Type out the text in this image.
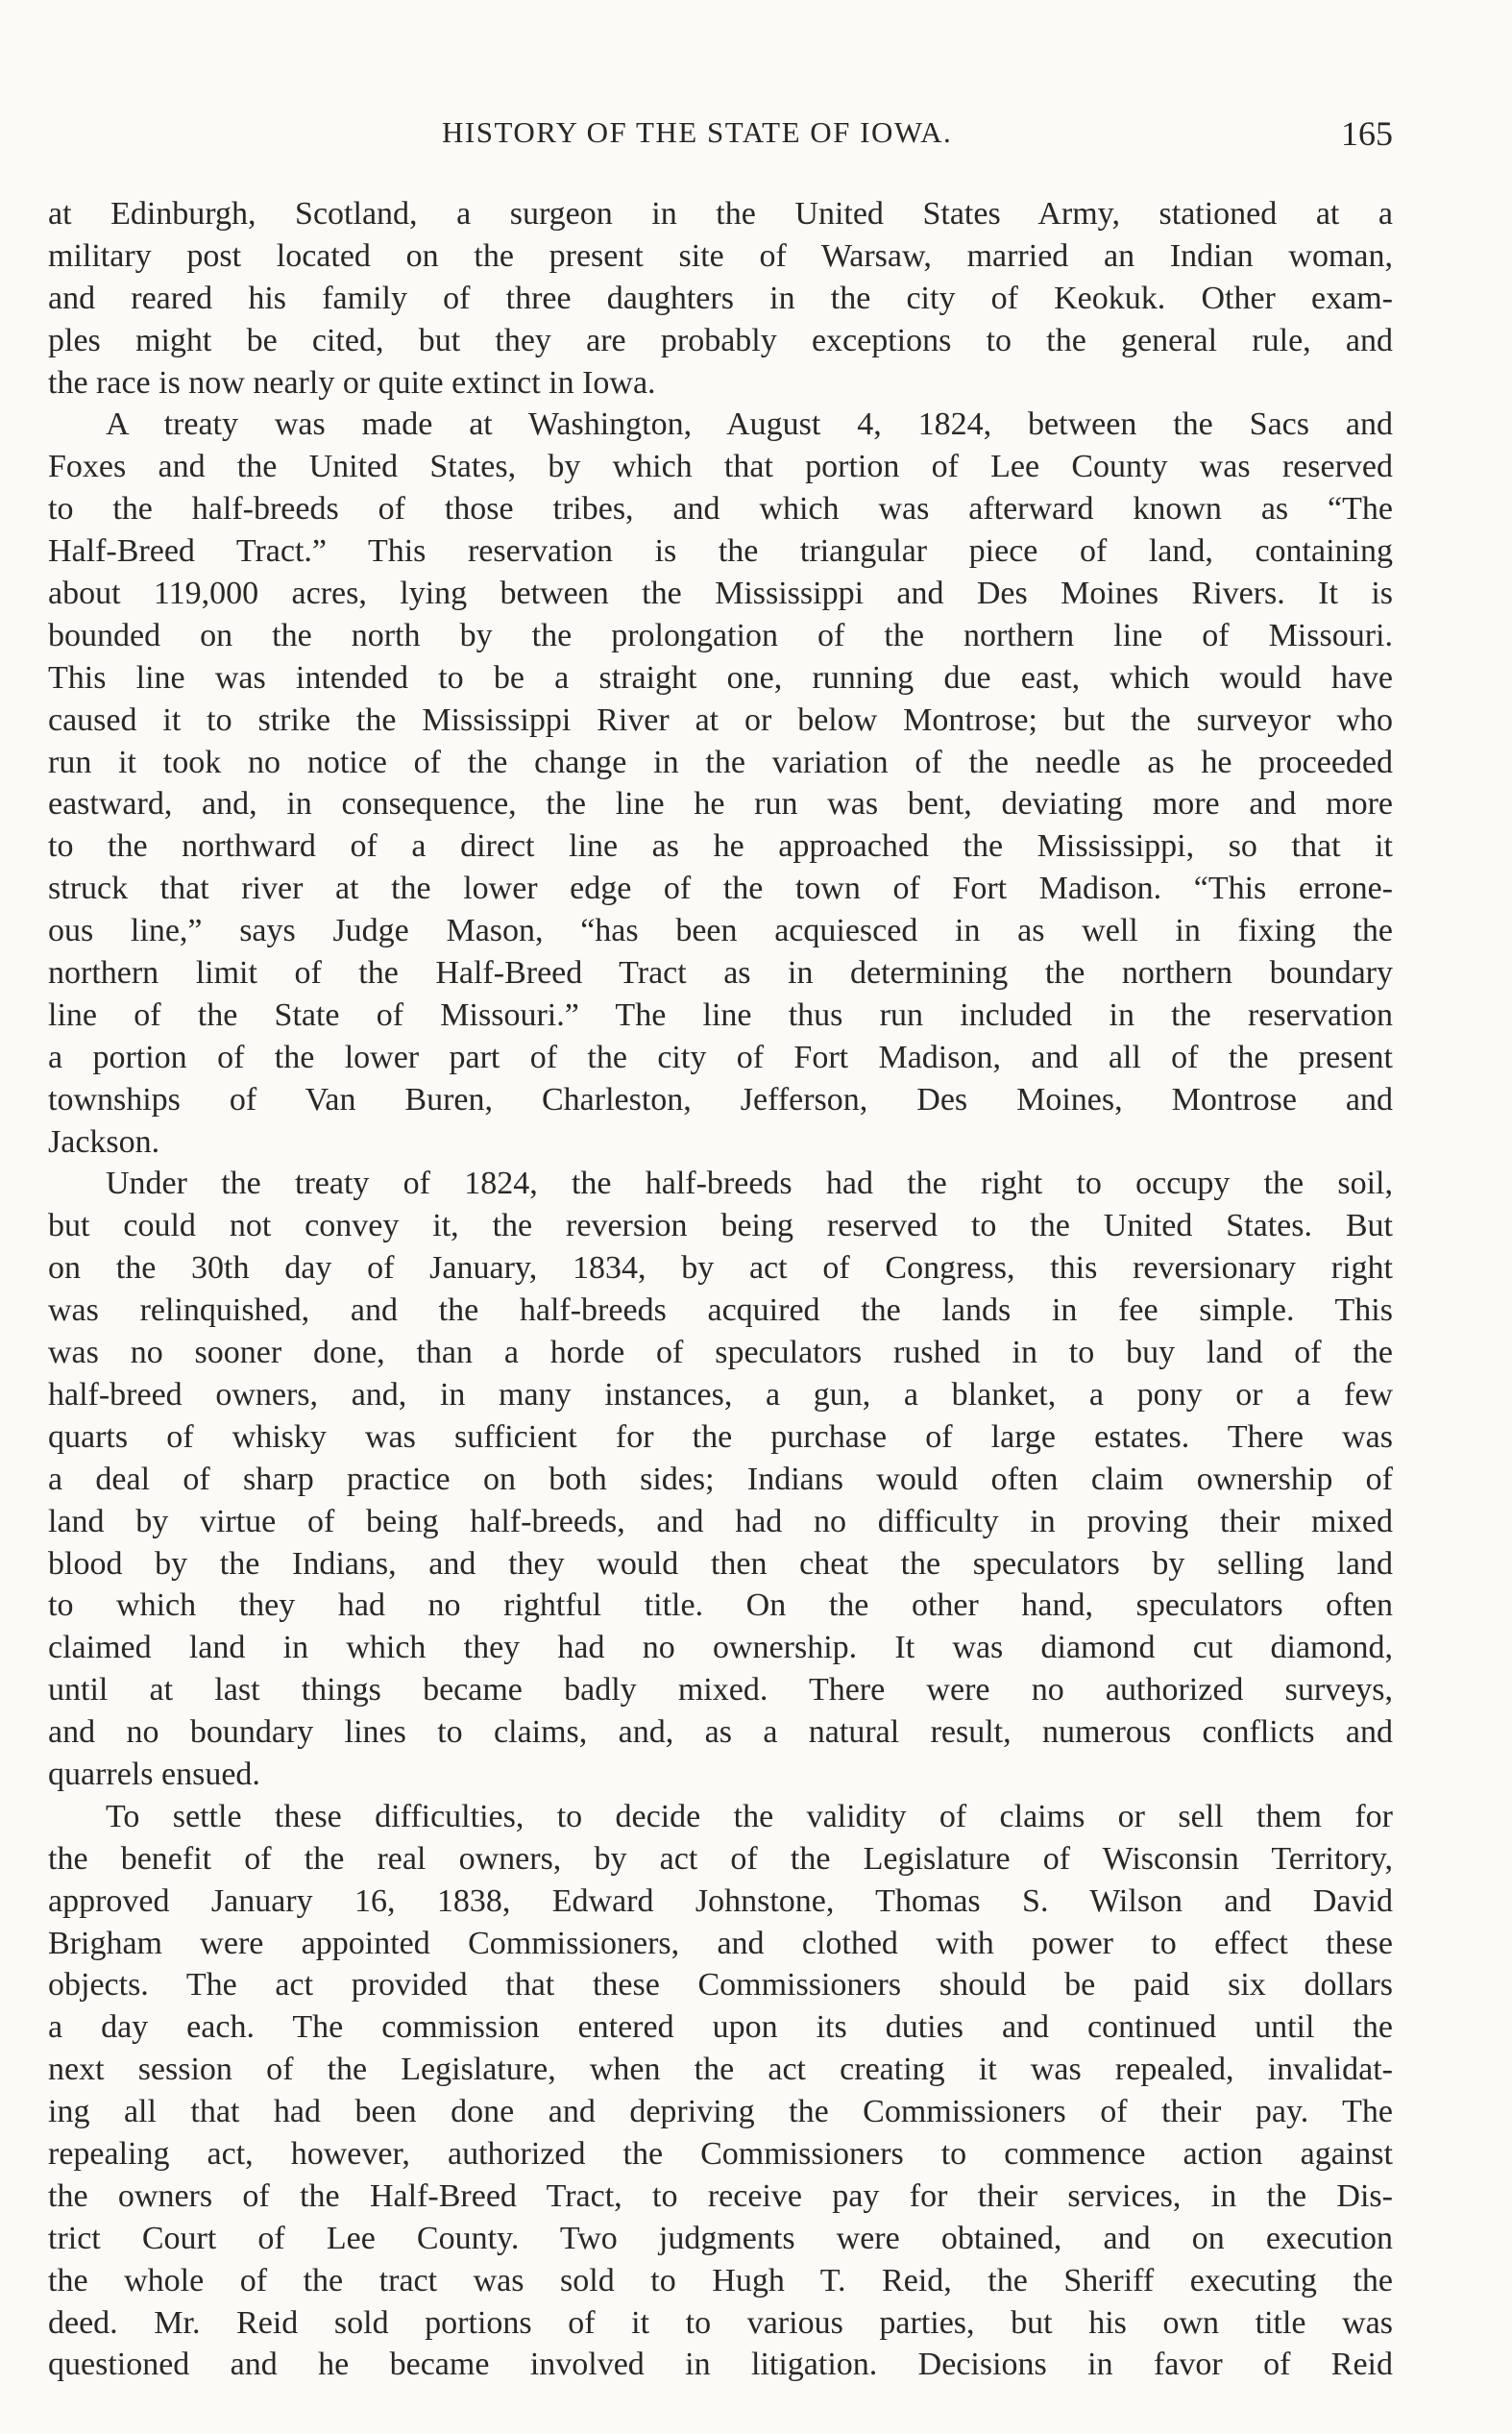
HISTORY OF THE STATE OF IOWA.	165
at Edinburgh, Scotland, a surgeon in the United States Army, stationed at a
military post located on the present site of Warsaw, married an Indian woman,
and reared his family of three daughters in the city of Keokuk. Other exam-
ples might be cited, but they are probably exceptions to the general rule, and
the race is now nearly or quite extinct in Iowa.
A treaty was made at Washington, August 4, 1824, between the Sacs and
Foxes and the United States, by which that portion of Lee County was reserved
to the half-breeds of those tribes, and which was afterward known as “The
Half-Breed Tract.” This reservation is the triangular piece of land, containing
about 119,000 acres, lying between the Mississippi and Des Moines Rivers. It is
bounded on the north by the prolongation of the northern line of Missouri.
This line was intended to be a straight one, running due east, which would have
caused it to strike the Mississippi River at or below Montrose; but the surveyor who
run it took no notice of the change in the variation of the needle as he proceeded
eastward, and, in consequence, the line he run was bent, deviating more and more
to the northward of a direct line as he approached the Mississippi, so that it
struck that river at the lower edge of the town of Fort Madison. “This errone-
ous line,” says Judge Mason, “has been acquiesced in as well in fixing the
northern limit of the Half-Breed Tract as in determining the northern boundary
line of the State of Missouri.” The line thus run included in the reservation
a portion of the lower part of the city of Fort Madison, and all of the present
townships of Van Buren, Charleston, Jefferson, Des Moines, Montrose and
Jackson.
Under the treaty of 1824, the half-breeds had the right to occupy the soil,
but could not convey it, the reversion being reserved to the United States. But
on the 30th day of January, 1834, by act of Congress, this reversionary right
was relinquished, and the half-breeds acquired the lands in fee simple. This
was no sooner done, than a horde of speculators rushed in to buy land of the
half-breed owners, and, in many instances, a gun, a blanket, a pony or a few
quarts of whisky was sufficient for the purchase of large estates. There was
a deal of sharp practice on both sides; Indians would often claim ownership of
land by virtue of being half-breeds, and had no difficulty in proving their mixed
blood by the Indians, and they would then cheat the speculators by selling land
to which they had no rightful title. On the other hand, speculators often
claimed land in which they had no ownership. It was diamond cut diamond,
until at last things became badly mixed. There were no authorized surveys,
and no boundary lines to claims, and, as a natural result, numerous conflicts and
quarrels ensued.
To settle these difficulties, to decide the validity of claims or sell them for
the benefit of the real owners, by act of the Legislature of Wisconsin Territory,
approved January 16, 1838, Edward Johnstone, Thomas S. Wilson and David
Brigham were appointed Commissioners, and clothed with power to effect these
objects. The act provided that these Commissioners should be paid six dollars
a day each. The commission entered upon its duties and continued until the
next session of the Legislature, when the act creating it was repealed, invalidat-
ing all that had been done and depriving the Commissioners of their pay. The
repealing act, however, authorized the Commissioners to commence action against
the owners of the Half-Breed Tract, to receive pay for their services, in the Dis-
trict Court of Lee County. Two judgments were obtained, and on execution
the whole of the tract was sold to Hugh T. Reid, the Sheriff executing the
deed. Mr. Reid sold portions of it to various parties, but his own title was
questioned and he became involved in litigation. Decisions in favor of Reid
